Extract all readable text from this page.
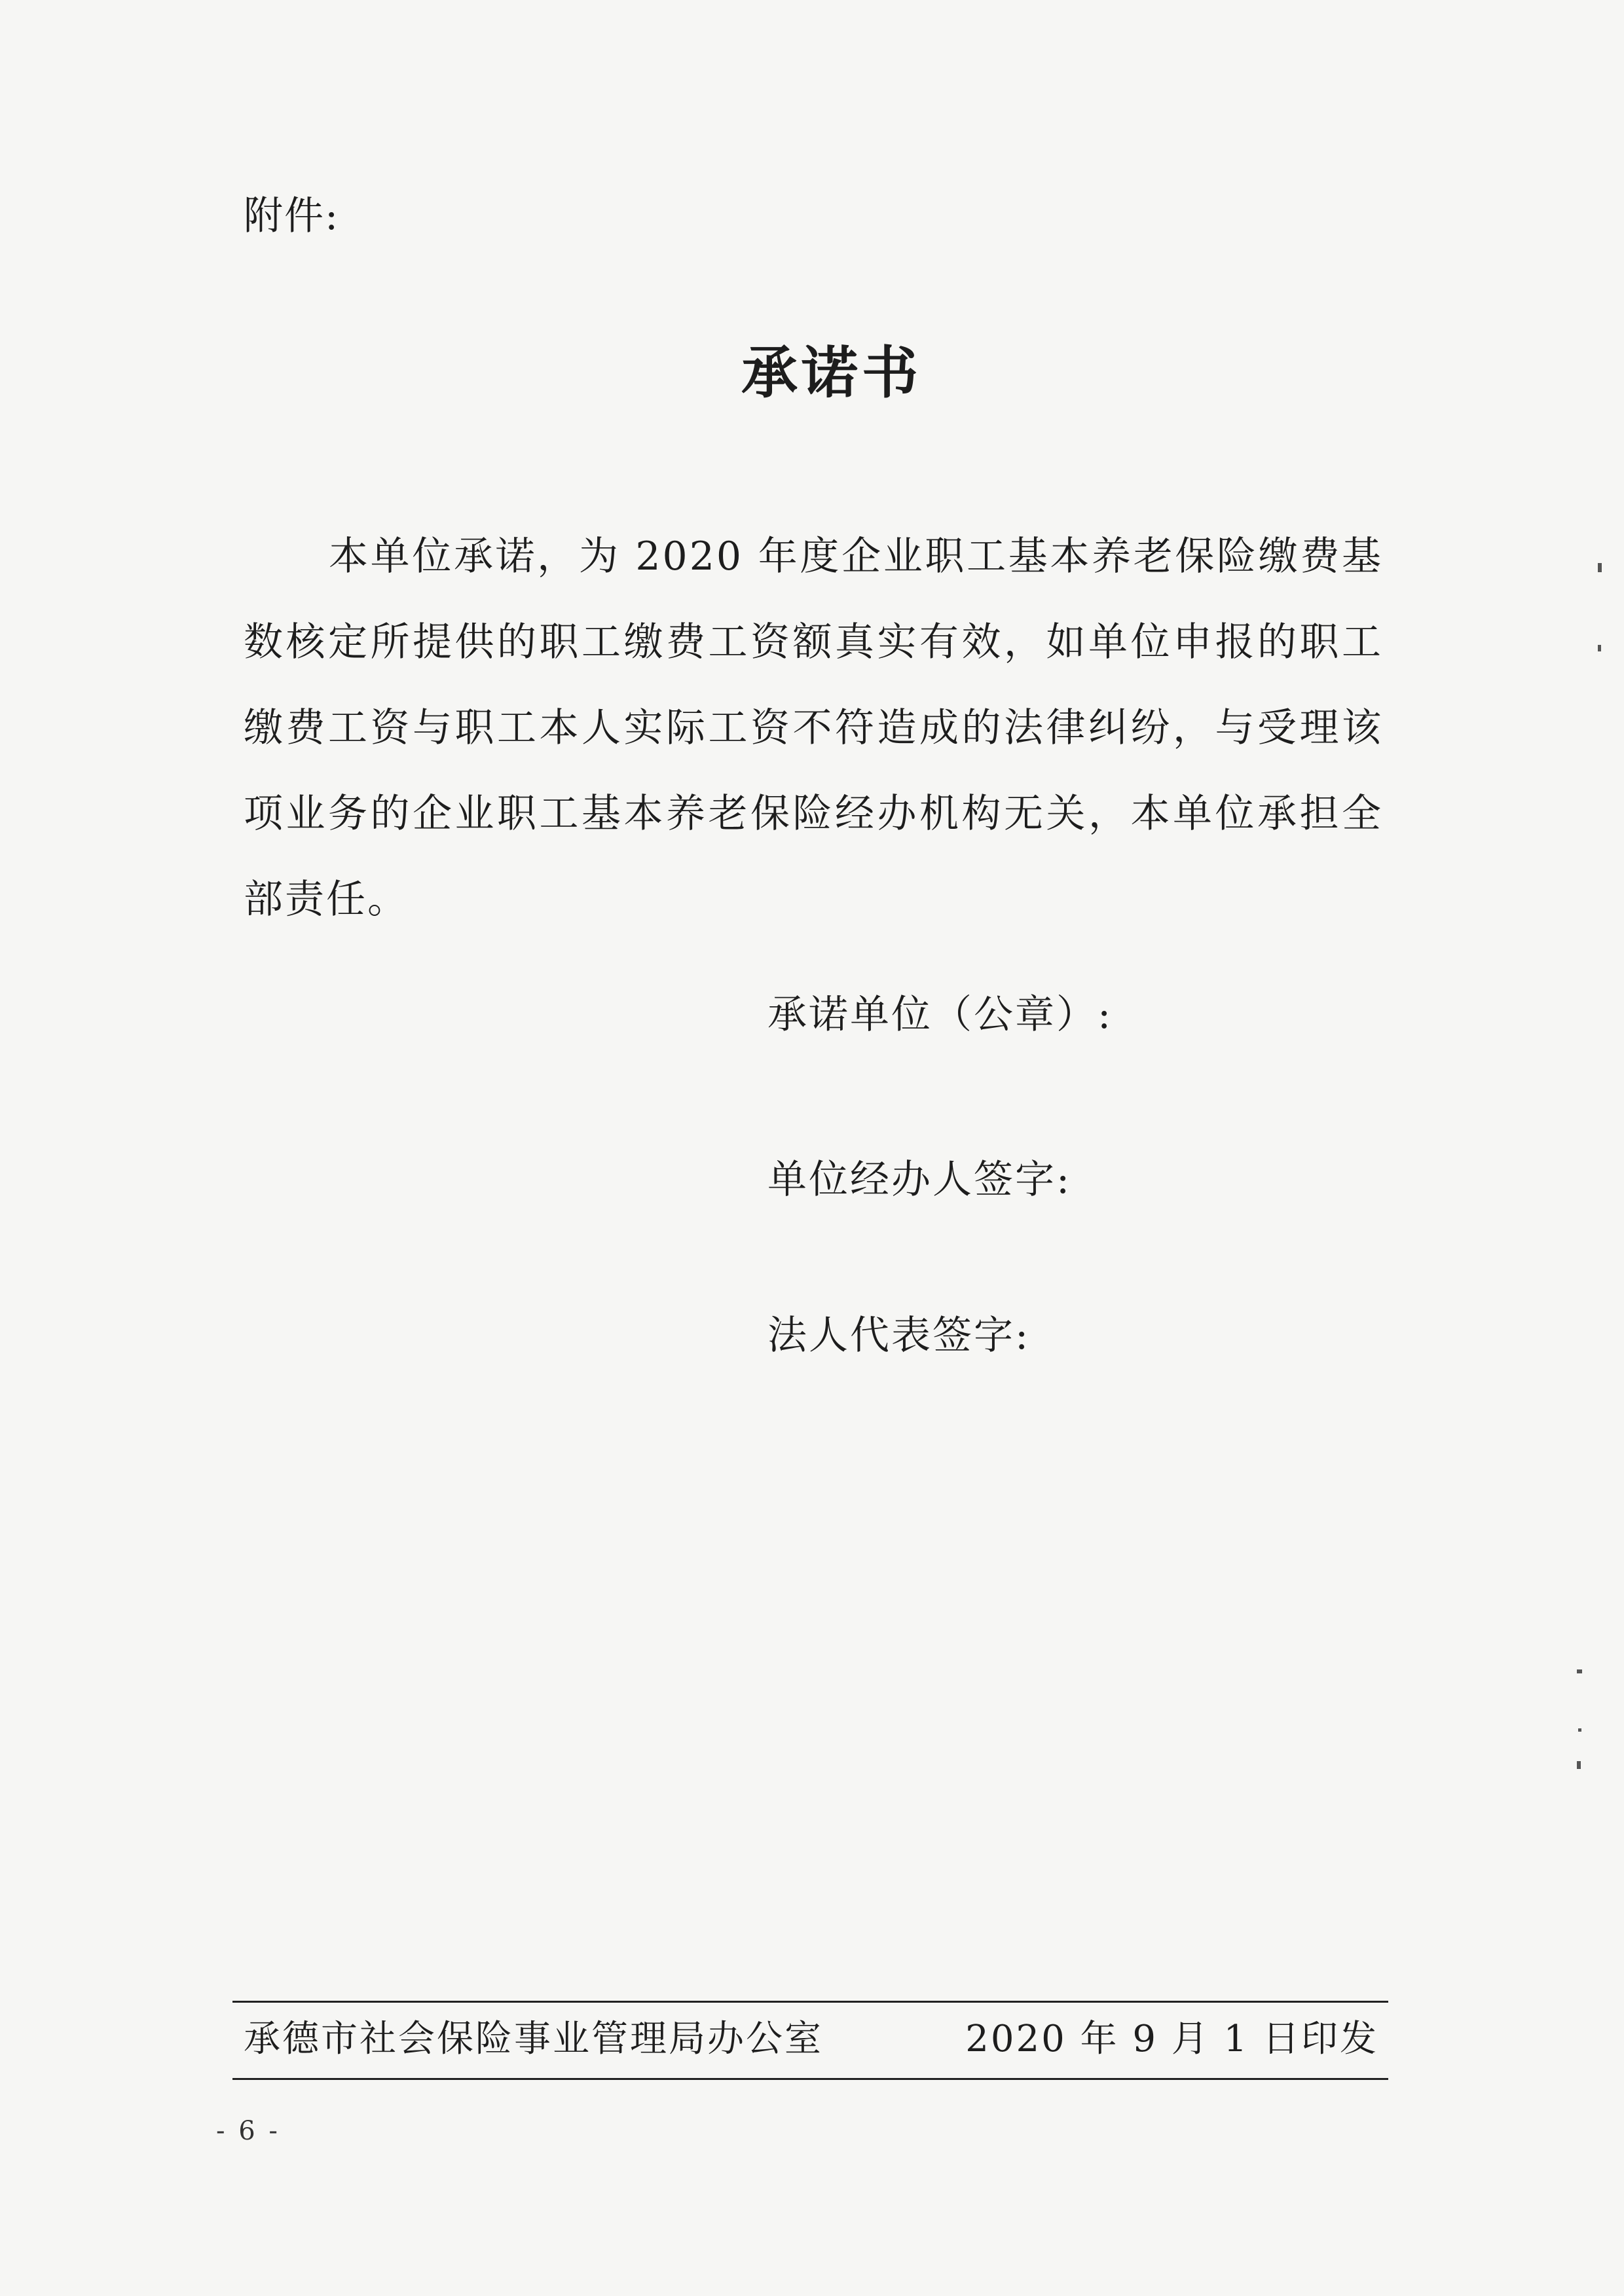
附件:
承诺书

本单位承诺，为 2020 年度企业职工基本养老保险缴费基数核定所提供的职工缴费工资额真实有效，如单位申报的职工缴费工资与职工本人实际工资不符造成的法律纠纷，与受理该项业务的企业职工基本养老保险经办机构无关，本单位承担全部责任。

承诺单位（公章）:
单位经办人签字:
法人代表签字:
承德市社会保险事业管理局办公室	2020 年 9 月 1 日印发
- 6 -
